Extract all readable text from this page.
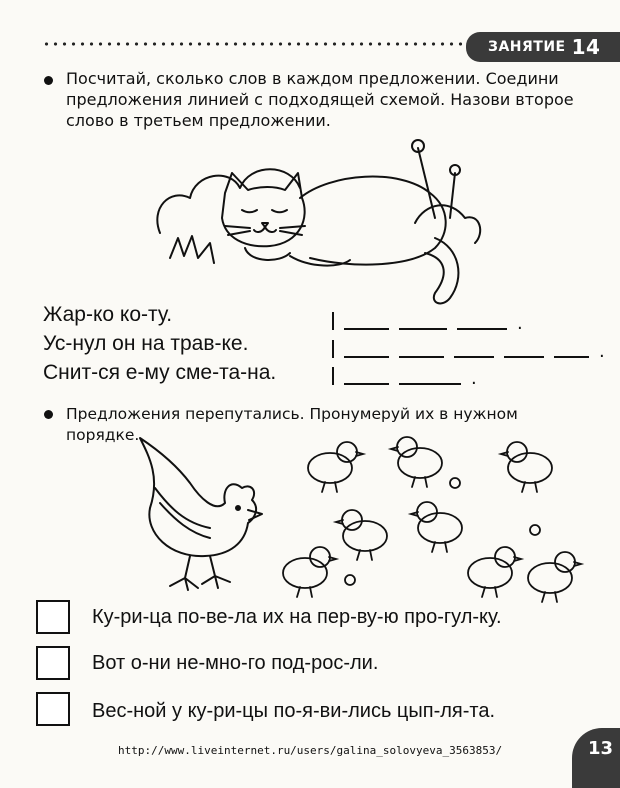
ЗАНЯТИЕ 14
Посчитай, сколько слов в каждом предложении. Соедини предложения линией с подходящей схемой. Назови второе слово в третьем предложении.
Жар-ко ко-ту.
Ус-нул он на трав-ке.
Снит-ся е-му сме-та-на.
.
.
.
Предложения перепутались. Пронумеруй их в нужном порядке.
Ку-ри-ца по-ве-ла их на пер-ву-ю про-гул-ку.
Вот о-ни не-мно-го под-рос-ли.
Вес-ной у ку-ри-цы по-я-ви-лись цып-ля-та.
http://www.liveinternet.ru/users/galina_solovyeva_3563853/	13
